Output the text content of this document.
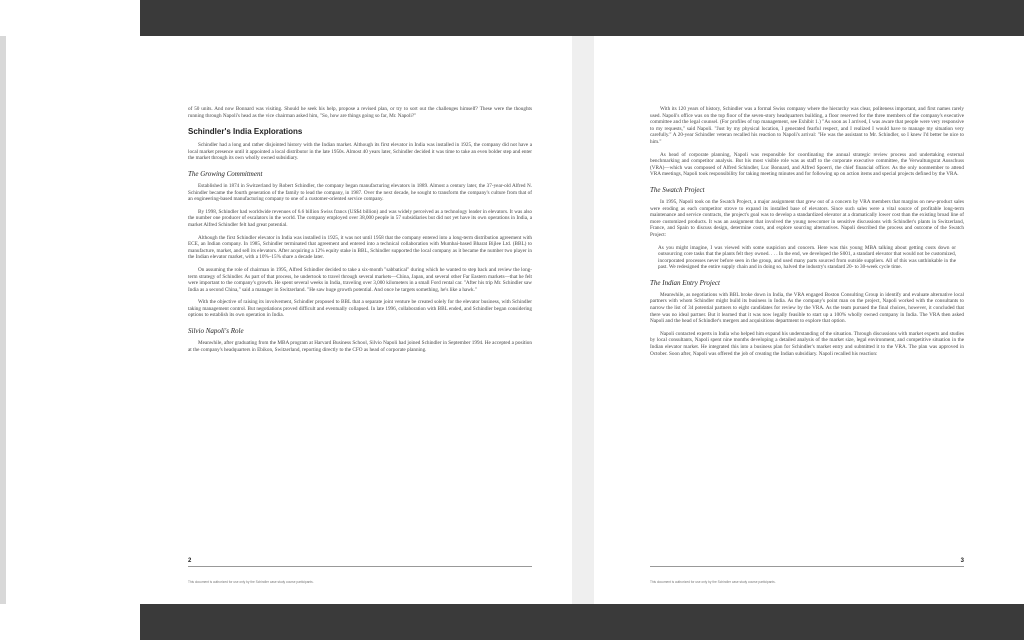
of 50 units. And now Bonnard was visiting. Should he seek his help, propose a revised plan, or try to sort out the challenges himself? These were the thoughts running through Napoli's head as the vice chairman asked him, "So, how are things going so far, Mr. Napoli?"

Schindler's India Explorations

Schindler had a long and rather disjointed history with the Indian market. Although its first elevator in India was installed in 1925, the company did not have a local market presence until it appointed a local distributor in the late 1950s. Almost 40 years later, Schindler decided it was time to take an even bolder step and enter the market through its own wholly owned subsidiary.

The Growing Commitment

Established in 1874 in Switzerland by Robert Schindler, the company began manufacturing elevators in 1889. Almost a century later, the 37-year-old Alfred N. Schindler became the fourth generation of the family to lead the company, in 1987. Over the next decade, he sought to transform the company's culture from that of an engineering-based manufacturing company to one of a customer-oriented service company.

By 1998, Schindler had worldwide revenues of 6.6 billion Swiss francs (US$4 billion) and was widely perceived as a technology leader in elevators. It was also the number one producer of escalators in the world. The company employed over 38,000 people in 57 subsidiaries but did not yet have its own operations in India, a market Alfred Schindler felt had great potential.

Although the first Schindler elevator in India was installed in 1925, it was not until 1958 that the company entered into a long-term distribution agreement with ECE, an Indian company. In 1985, Schindler terminated that agreement and entered into a technical collaboration with Mumbai-based Bharat Bijlee Ltd. (BBL) to manufacture, market, and sell its elevators. After acquiring a 12% equity stake in BBL, Schindler supported the local company as it became the number two player in the Indian elevator market, with a 10%–15% share a decade later.

On assuming the role of chairman in 1995, Alfred Schindler decided to take a six-month "sabbatical" during which he wanted to step back and review the long-term strategy of Schindler. As part of that process, he undertook to travel through several markets—China, Japan, and several other Far Eastern markets—that he felt were important to the company's growth. He spent several weeks in India, traveling over 3,000 kilometers in a small Ford rental car. "After his trip Mr. Schindler saw India as a second China," said a manager in Switzerland. "He saw huge growth potential. And once he targets something, he's like a hawk."

With the objective of raising its involvement, Schindler proposed to BBL that a separate joint venture be created solely for the elevator business, with Schindler taking management control. But negotiations proved difficult and eventually collapsed. In late 1996, collaboration with BBL ended, and Schindler began considering options to establish its own operation in India.

Silvio Napoli's Role

Meanwhile, after graduating from the MBA program at Harvard Business School, Silvio Napoli had joined Schindler in September 1994. He accepted a position at the company's headquarters in Ebikon, Switzerland, reporting directly to the CFO as head of corporate planning.

2
This document is authorized for use only by the Schindler case study course participants.

With its 120 years of history, Schindler was a formal Swiss company where the hierarchy was clear, politeness important, and first names rarely used. Napoli's office was on the top floor of the seven-story headquarters building, a floor reserved for the three members of the company's executive committee and the legal counsel. (For profiles of top management, see Exhibit 1.) "As soon as I arrived, I was aware that people were very responsive to my requests," said Napoli. "Just by my physical location, I generated fearful respect, and I realized I would have to manage my situation very carefully." A 20-year Schindler veteran recalled his reaction to Napoli's arrival: "He was the assistant to Mr. Schindler, so I knew I'd better be nice to him."

As head of corporate planning, Napoli was responsible for coordinating the annual strategic review process and undertaking external benchmarking and competitor analysis. But his most visible role was as staff to the corporate executive committee, the Verwaltungsrat Ausschuss (VRA)—which was composed of Alfred Schindler, Luc Bonnard, and Alfred Spoerri, the chief financial officer. As the only nonmember to attend VRA meetings, Napoli took responsibility for taking meeting minutes and for following up on action items and special projects defined by the VRA.

The Swatch Project

In 1995, Napoli took on the Swatch Project, a major assignment that grew out of a concern by VRA members that margins on new-product sales were eroding as each competitor strove to expand its installed base of elevators. Since such sales were a vital source of profitable long-term maintenance and service contracts, the project's goal was to develop a standardized elevator at a dramatically lower cost than the existing broad line of more customized products. It was an assignment that involved the young newcomer in sensitive discussions with Schindler's plants in Switzerland, France, and Spain to discuss design, determine costs, and explore sourcing alternatives. Napoli described the process and outcome of the Swatch Project:

As you might imagine, I was viewed with some suspicion and concern. Here was this young MBA talking about getting costs down or outsourcing core tasks that the plants felt they owned. . . . In the end, we developed the S001, a standard elevator that would not be customized, incorporated processes never before seen in the group, and used many parts sourced from outside suppliers. All of this was unthinkable in the past. We redesigned the entire supply chain and in doing so, halved the industry's standard 20- to 30-week cycle time.

The Indian Entry Project

Meanwhile, as negotiations with BBL broke down in India, the VRA engaged Boston Consulting Group in identify and evaluate alternative local partners with whom Schindler might build its business in India. As the company's point man on the project, Napoli worked with the consultants to narrow the list of 34 potential partners to eight candidates for review by the VRA. As the team pursued the final choices, however, it concluded that there was no ideal partner. But it learned that it was now legally feasible to start up a 100% wholly owned company in India. The VRA then asked Napoli and the head of Schindler's mergers and acquisitions department to explore that option.

Napoli contacted experts in India who helped him expand his understanding of the situation. Through discussions with market experts and studies by local consultants, Napoli spent nine months developing a detailed analysis of the market size, legal environment, and competitive situation in the Indian elevator market. He integrated this into a business plan for Schindler's market entry and submitted it to the VRA. The plan was approved in October. Soon after, Napoli was offered the job of creating the Indian subsidiary. Napoli recalled his reaction:

3
This document is authorized for use only by the Schindler case study course participants.
